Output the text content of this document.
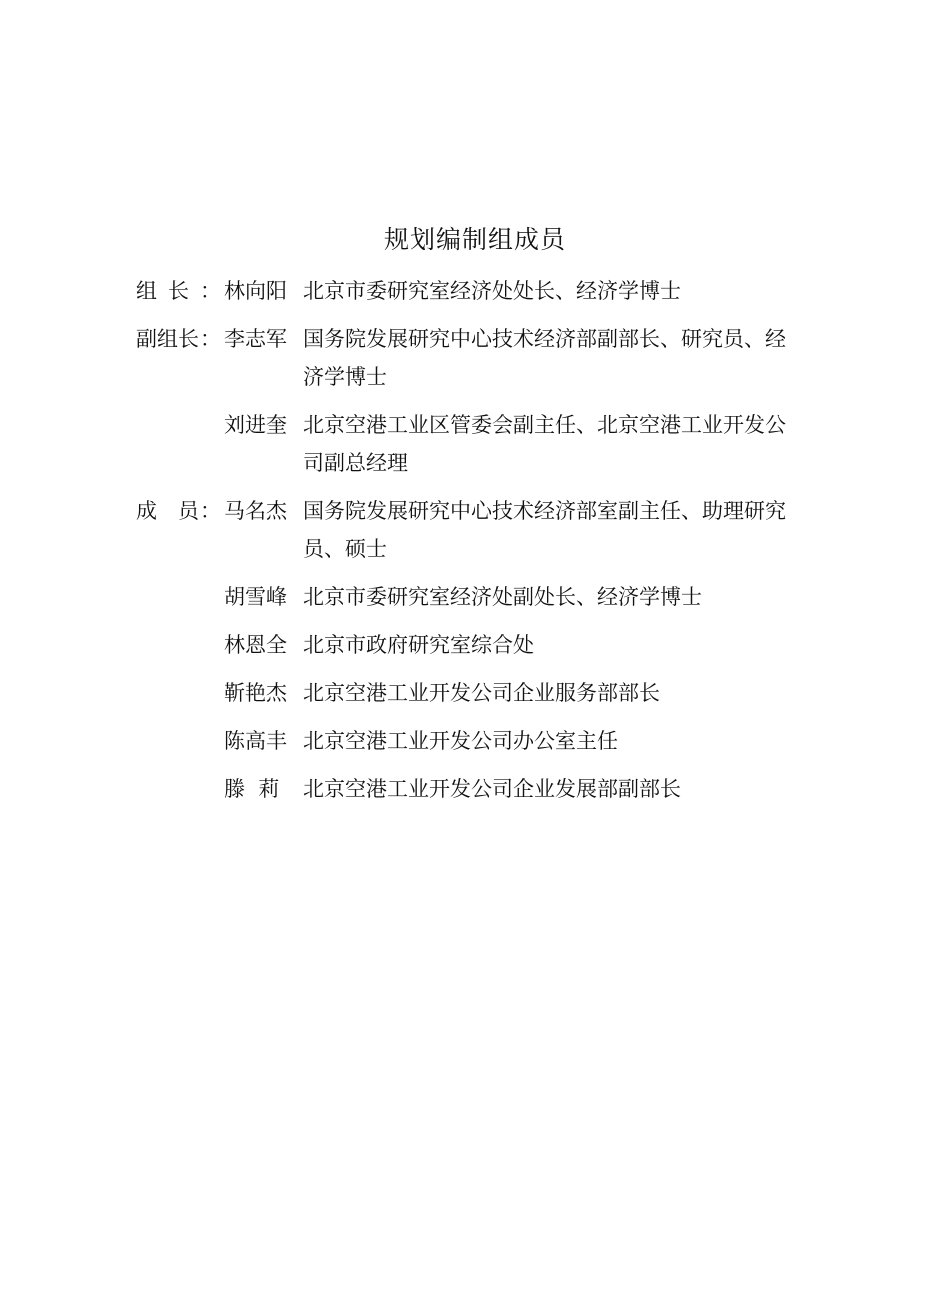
规划编制组成员
组 长 ： 林向阳 北京市委研究室经济处处长、经济学博士
副 组 长 ： 李志军 国务院发展研究中心技术经济部副部长、研究员、经济学博士
刘进奎 北京空港工业区管委会副主任、北京空港工业开发公司副总经理
成 员 ： 马名杰 国务院发展研究中心技术经济部室副主任、助理研究员、硕士
胡雪峰 北京市委研究室经济处副处长、经济学博士
林恩全 北京市政府研究室综合处
靳艳杰 北京空港工业开发公司企业服务部部长
陈高丰 北京空港工业开发公司办公室主任
滕  莉	北京空港工业开发公司企业发展部副部长
